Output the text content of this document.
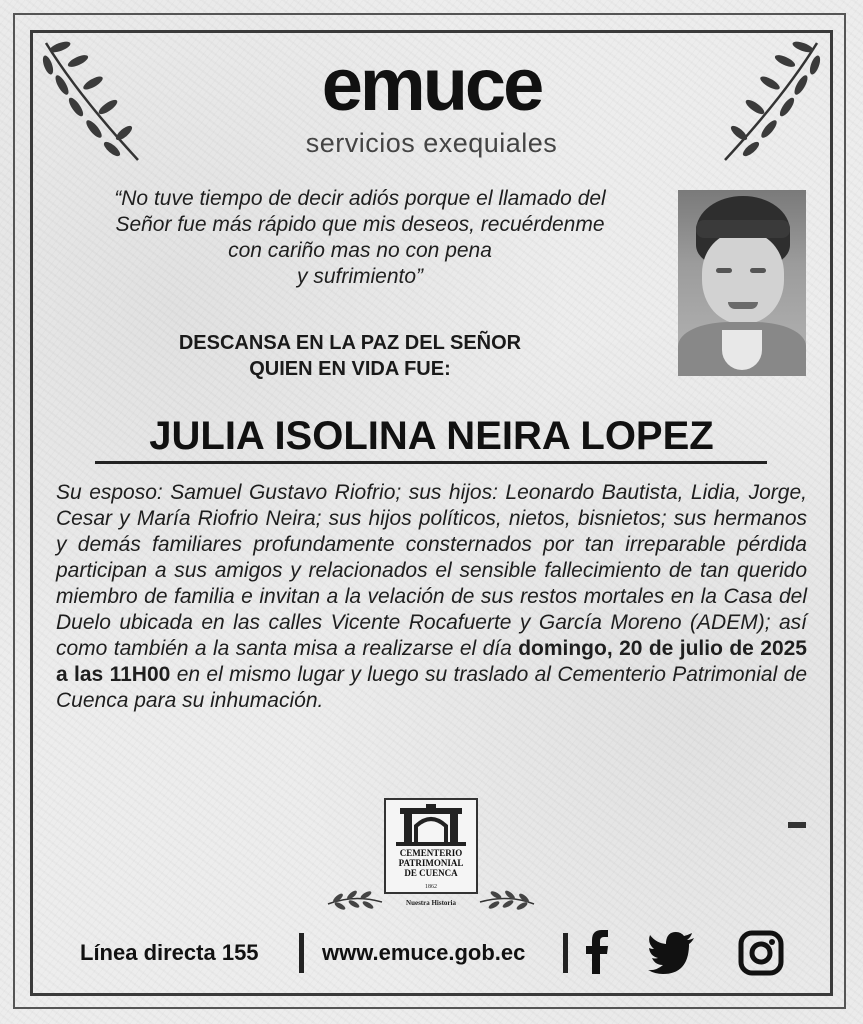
emuce
servicios exequiales
“No tuve tiempo de decir adiós porque el llamado del
Señor fue más rápido que mis deseos, recuérdenme
con cariño mas no con pena
y sufrimiento”
DESCANSA EN LA PAZ DEL SEÑOR
QUIEN EN VIDA FUE:
JULIA ISOLINA NEIRA LOPEZ
Su esposo: Samuel Gustavo Riofrio; sus hijos: Leonardo Bautista, Lidia, Jorge, Cesar y María Riofrio Neira; sus hijos políticos, nietos, bisnietos; sus hermanos y demás familiares profundamente consternados por tan irreparable pérdida participan a sus amigos y relacionados el sensible fallecimiento de tan querido miembro de familia e invitan a la velación de sus restos mortales en la Casa del Duelo ubicada en las calles Vicente Rocafuerte y García Moreno (ADEM); así como también a la santa misa a realizarse el día domingo, 20 de julio de 2025 a las 11H00 en el mismo lugar y luego su traslado al Cementerio Patrimonial de Cuenca para su inhumación.
CEMENTERIO
PATRIMONIAL
DE CUENCA
1862
Nuestra Historia
Línea directa 155	www.emuce.gob.ec
